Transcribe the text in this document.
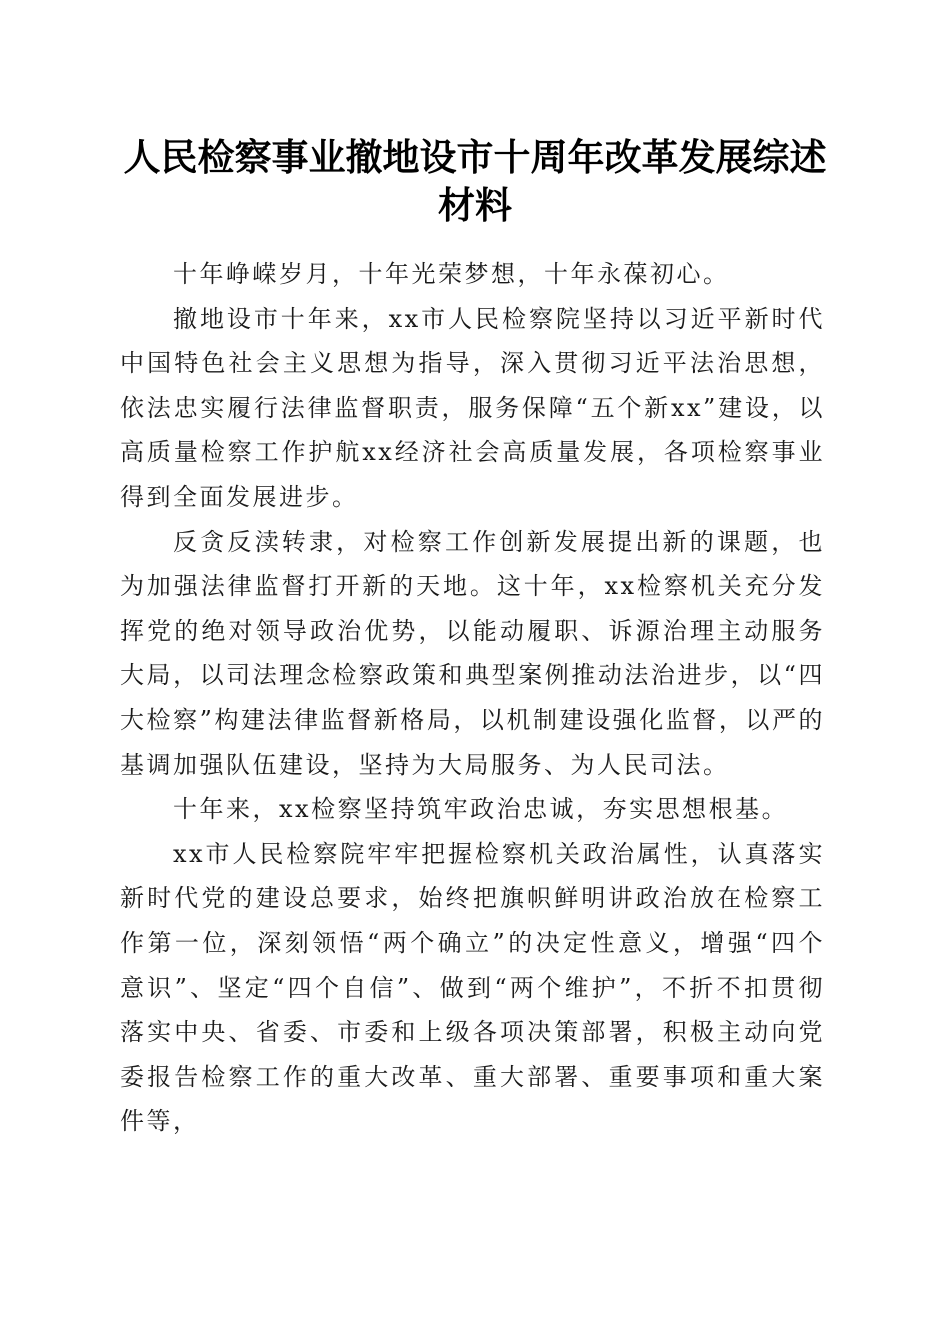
人民检察事业撤地设市十周年改革发展综述材料

十年峥嵘岁月，十年光荣梦想，十年永葆初心。

撤地设市十年来，xx市人民检察院坚持以习近平新时代中国特色社会主义思想为指导，深入贯彻习近平法治思想，依法忠实履行法律监督职责，服务保障“五个新xx”建设，以高质量检察工作护航xx经济社会高质量发展，各项检察事业得到全面发展进步。

反贪反渎转隶，对检察工作创新发展提出新的课题，也为加强法律监督打开新的天地。这十年，xx检察机关充分发挥党的绝对领导政治优势，以能动履职、诉源治理主动服务大局，以司法理念检察政策和典型案例推动法治进步，以“四大检察”构建法律监督新格局，以机制建设强化监督，以严的基调加强队伍建设，坚持为大局服务、为人民司法。

十年来，xx检察坚持筑牢政治忠诚，夯实思想根基。

xx市人民检察院牢牢把握检察机关政治属性，认真落实新时代党的建设总要求，始终把旗帜鲜明讲政治放在检察工作第一位，深刻领悟“两个确立”的决定性意义，增强“四个意识”、坚定“四个自信”、做到“两个维护”，不折不扣贯彻落实中央、省委、市委和上级各项决策部署，积极主动向党委报告检察工作的重大改革、重大部署、重要事项和重大案件等，
